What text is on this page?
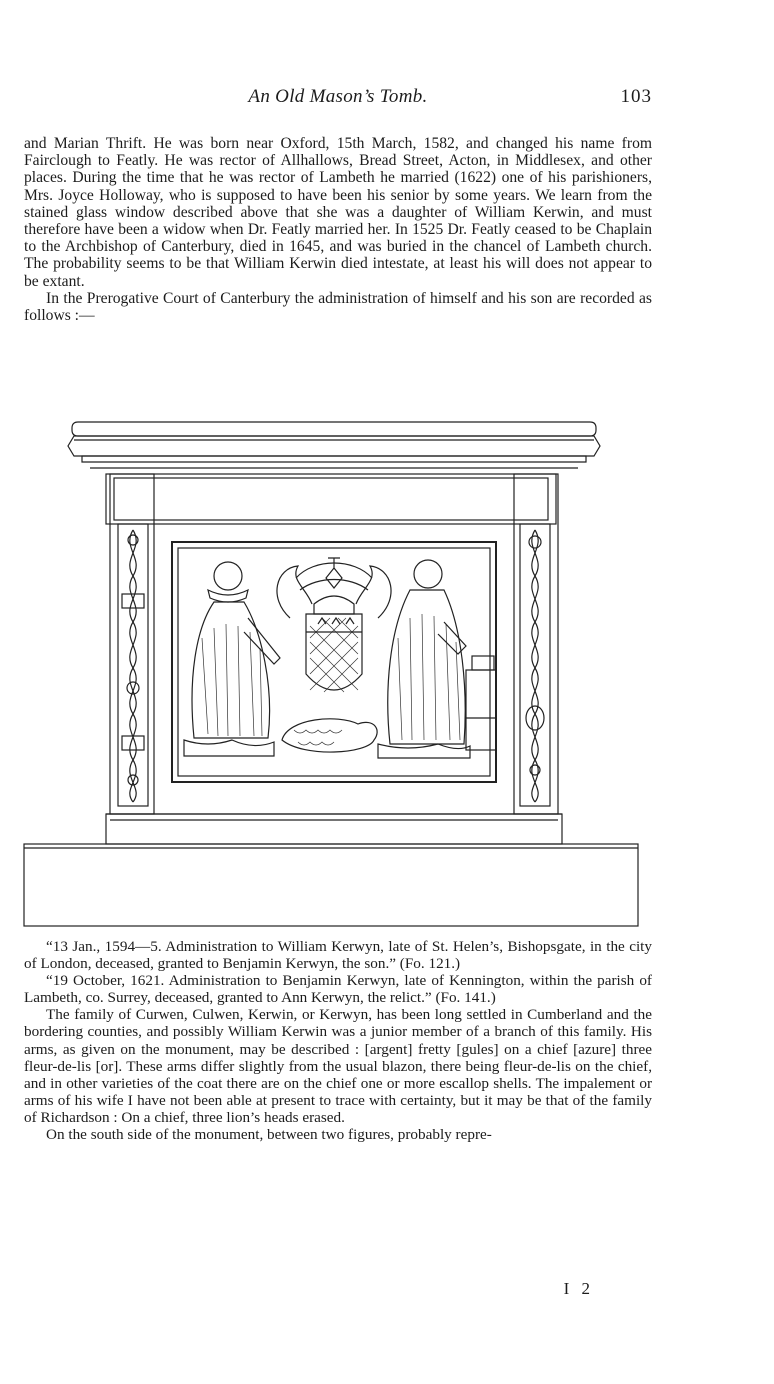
An Old Mason’s Tomb.	103

and Marian Thrift. He was born near Oxford, 15th March, 1582, and changed his name from Fairclough to Featly. He was rector of Allhallows, Bread Street, Acton, in Middlesex, and other places. During the time that he was rector of Lambeth he married (1622) one of his parishioners, Mrs. Joyce Holloway, who is supposed to have been his senior by some years. We learn from the stained glass window described above that she was a daughter of William Kerwin, and must therefore have been a widow when Dr. Featly married her. In 1525 Dr. Featly ceased to be Chaplain to the Archbishop of Canterbury, died in 1645, and was buried in the chancel of Lambeth church. The probability seems to be that William Kerwin died intestate, at least his will does not appear to be extant.

In the Prerogative Court of Canterbury the administration of himself and his son are recorded as follows :—

“13 Jan., 1594—5. Administration to William Kerwyn, late of St. Helen’s, Bishopsgate, in the city of London, deceased, granted to Benjamin Kerwyn, the son.” (Fo. 121.)

“19 October, 1621. Administration to Benjamin Kerwyn, late of Kennington, within the parish of Lambeth, co. Surrey, deceased, granted to Ann Kerwyn, the relict.” (Fo. 141.)

The family of Curwen, Culwen, Kerwin, or Kerwyn, has been long settled in Cumberland and the bordering counties, and possibly William Kerwin was a junior member of a branch of this family. His arms, as given on the monument, may be described : [argent] fretty [gules] on a chief [azure] three fleur-de-lis [or]. These arms differ slightly from the usual blazon, there being fleur-de-lis on the chief, and in other varieties of the coat there are on the chief one or more escallop shells. The impalement or arms of his wife I have not been able at present to trace with certainty, but it may be that of the family of Richardson : On a chief, three lion’s heads erased.

On the south side of the monument, between two figures, probably repre-

I 2
